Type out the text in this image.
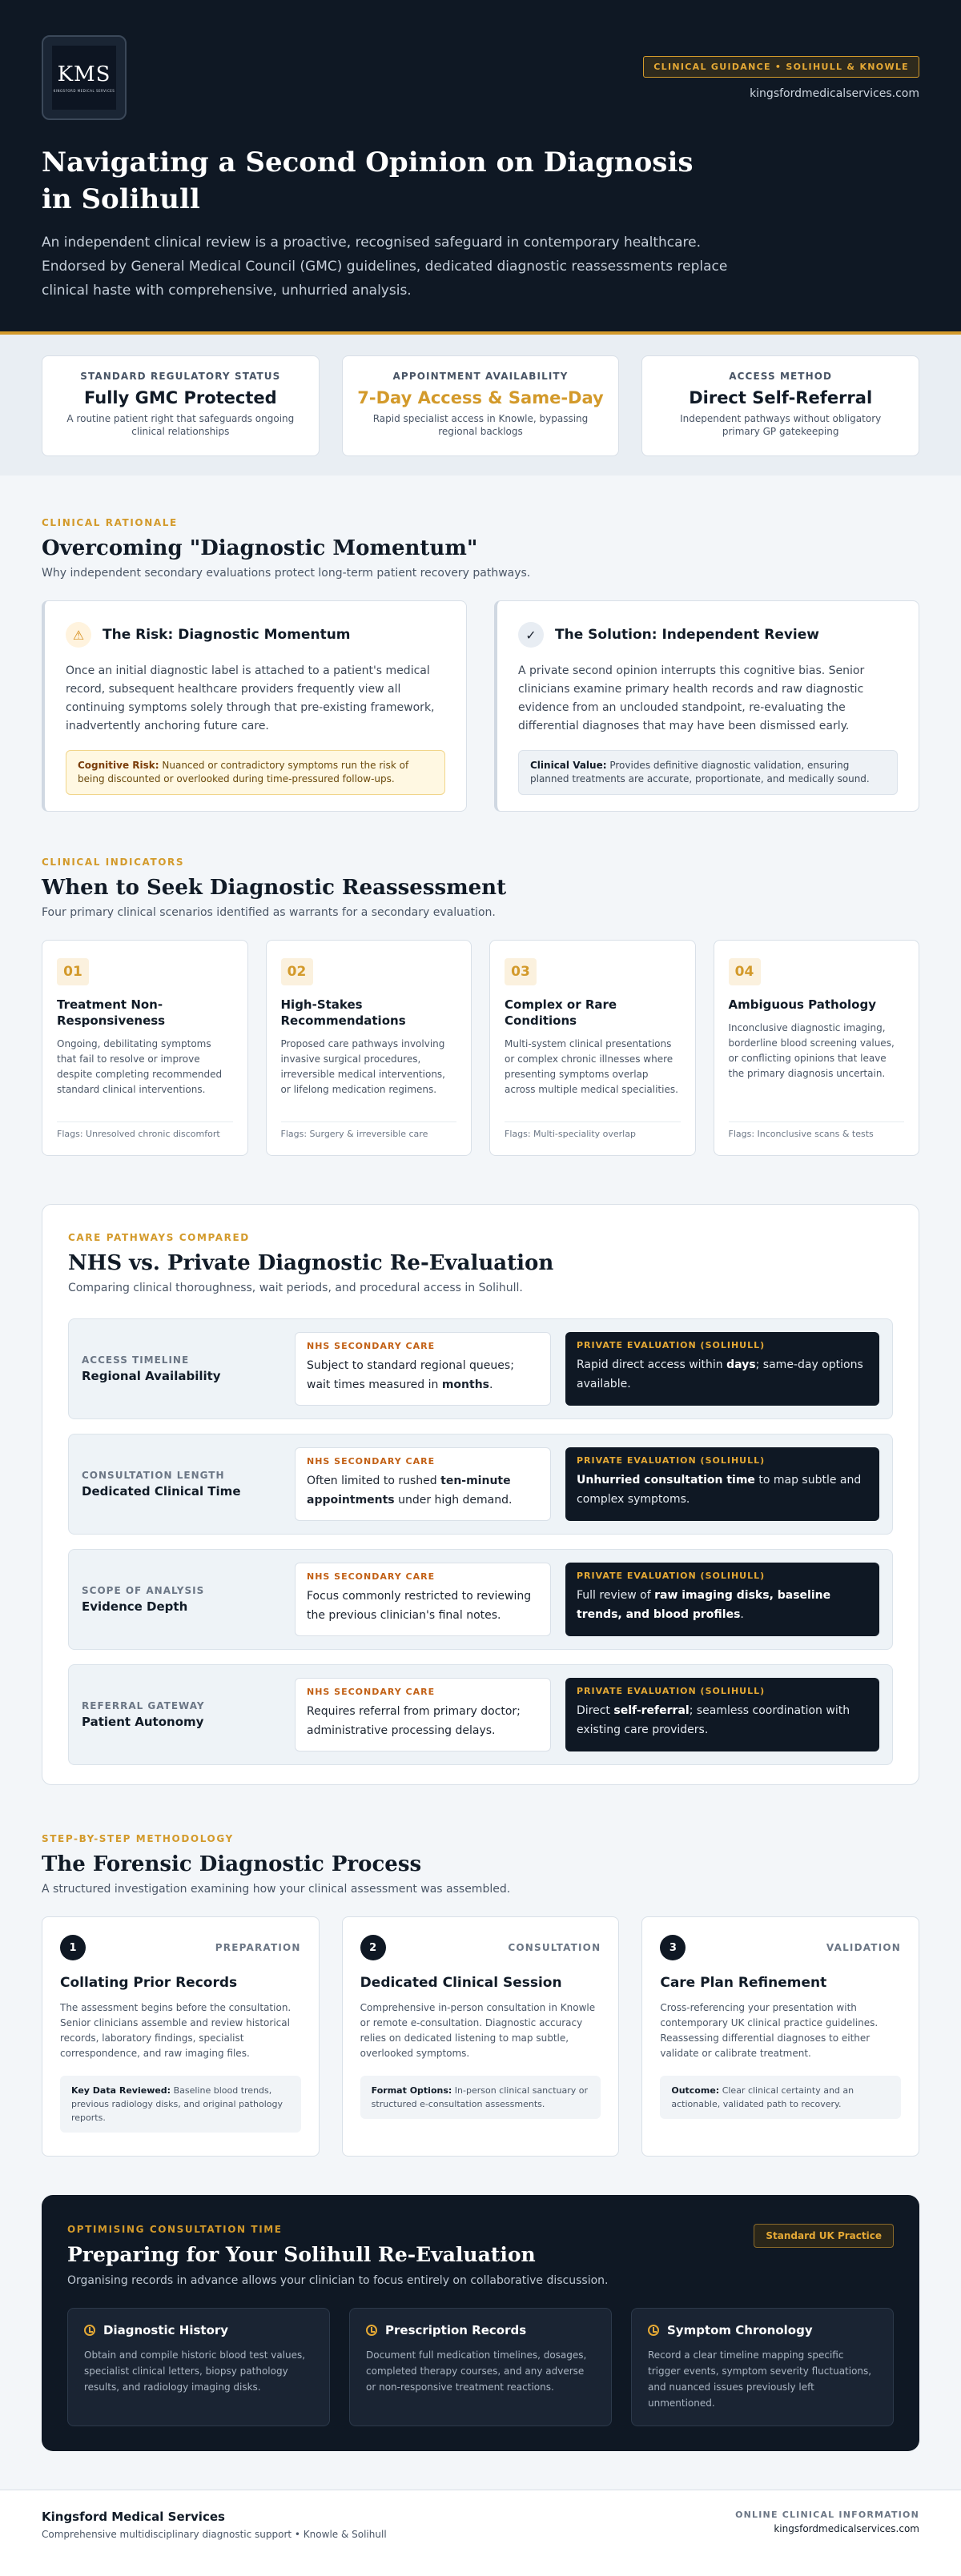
KMS
KINGSFORD MEDICAL SERVICES
CLINICAL GUIDANCE • SOLIHULL & KNOWLE
kingsfordmedicalservices.com
Navigating a Second Opinion on Diagnosis in Solihull

An independent clinical review is a proactive, recognised safeguard in contemporary healthcare. Endorsed by General Medical Council (GMC) guidelines, dedicated diagnostic reassessments replace clinical haste with comprehensive, unhurried analysis.

STANDARD REGULATORY STATUS
Fully GMC Protected
A routine patient right that safeguards ongoing clinical relationships
APPOINTMENT AVAILABILITY
7-Day Access & Same-Day
Rapid specialist access in Knowle, bypassing regional backlogs
ACCESS METHOD
Direct Self-Referral
Independent pathways without obligatory primary GP gatekeeping
CLINICAL RATIONALE
Overcoming "Diagnostic Momentum"
Why independent secondary evaluations protect long-term patient recovery pathways.
⚠	The Risk: Diagnostic Momentum
Once an initial diagnostic label is attached to a patient's medical record, subsequent healthcare providers frequently view all continuing symptoms solely through that pre-existing framework, inadvertently anchoring future care.
Cognitive Risk: Nuanced or contradictory symptoms run the risk of being discounted or overlooked during time-pressured follow-ups.
✓	The Solution: Independent Review
A private second opinion interrupts this cognitive bias. Senior clinicians examine primary health records and raw diagnostic evidence from an unclouded standpoint, re-evaluating the differential diagnoses that may have been dismissed early.
Clinical Value: Provides definitive diagnostic validation, ensuring planned treatments are accurate, proportionate, and medically sound.
CLINICAL INDICATORS
When to Seek Diagnostic Reassessment
Four primary clinical scenarios identified as warrants for a secondary evaluation.
01
Treatment Non-Responsiveness
Ongoing, debilitating symptoms that fail to resolve or improve despite completing recommended standard clinical interventions.
Flags: Unresolved chronic discomfort
02
High-Stakes Recommendations
Proposed care pathways involving invasive surgical procedures, irreversible medical interventions, or lifelong medication regimens.
Flags: Surgery & irreversible care
03
Complex or Rare Conditions
Multi-system clinical presentations or complex chronic illnesses where presenting symptoms overlap across multiple medical specialities.
Flags: Multi-speciality overlap
04
Ambiguous Pathology
Inconclusive diagnostic imaging, borderline blood screening values, or conflicting opinions that leave the primary diagnosis uncertain.
Flags: Inconclusive scans & tests
CARE PATHWAYS COMPARED
NHS vs. Private Diagnostic Re-Evaluation
Comparing clinical thoroughness, wait periods, and procedural access in Solihull.
ACCESS TIMELINE
Regional Availability
NHS SECONDARY CARE
Subject to standard regional queues; wait times measured in months.
PRIVATE EVALUATION (SOLIHULL)
Rapid direct access within days; same-day options available.
CONSULTATION LENGTH
Dedicated Clinical Time
NHS SECONDARY CARE
Often limited to rushed ten-minute appointments under high demand.
PRIVATE EVALUATION (SOLIHULL)
Unhurried consultation time to map subtle and complex symptoms.
SCOPE OF ANALYSIS
Evidence Depth
NHS SECONDARY CARE
Focus commonly restricted to reviewing the previous clinician's final notes.
PRIVATE EVALUATION (SOLIHULL)
Full review of raw imaging disks, baseline trends, and blood profiles.
REFERRAL GATEWAY
Patient Autonomy
NHS SECONDARY CARE
Requires referral from primary doctor; administrative processing delays.
PRIVATE EVALUATION (SOLIHULL)
Direct self-referral; seamless coordination with existing care providers.
STEP-BY-STEP METHODOLOGY
The Forensic Diagnostic Process
A structured investigation examining how your clinical assessment was assembled.
1	PREPARATION
Collating Prior Records
The assessment begins before the consultation. Senior clinicians assemble and review historical records, laboratory findings, specialist correspondence, and raw imaging files.
Key Data Reviewed: Baseline blood trends, previous radiology disks, and original pathology reports.
2	CONSULTATION
Dedicated Clinical Session
Comprehensive in-person consultation in Knowle or remote e-consultation. Diagnostic accuracy relies on dedicated listening to map subtle, overlooked symptoms.
Format Options: In-person clinical sanctuary or structured e-consultation assessments.
3	VALIDATION
Care Plan Refinement
Cross-referencing your presentation with contemporary UK clinical practice guidelines. Reassessing differential diagnoses to either validate or calibrate treatment.
Outcome: Clear clinical certainty and an actionable, validated path to recovery.
OPTIMISING CONSULTATION TIME
Preparing for Your Solihull Re-Evaluation
Organising records in advance allows your clinician to focus entirely on collaborative discussion.
Standard UK Practice
Diagnostic History
Obtain and compile historic blood test values, specialist clinical letters, biopsy pathology results, and radiology imaging disks.
Prescription Records
Document full medication timelines, dosages, completed therapy courses, and any adverse or non-responsive treatment reactions.
Symptom Chronology
Record a clear timeline mapping specific trigger events, symptom severity fluctuations, and nuanced issues previously left unmentioned.
Kingsford Medical Services
Comprehensive multidisciplinary diagnostic support • Knowle & Solihull
ONLINE CLINICAL INFORMATION
kingsfordmedicalservices.com
